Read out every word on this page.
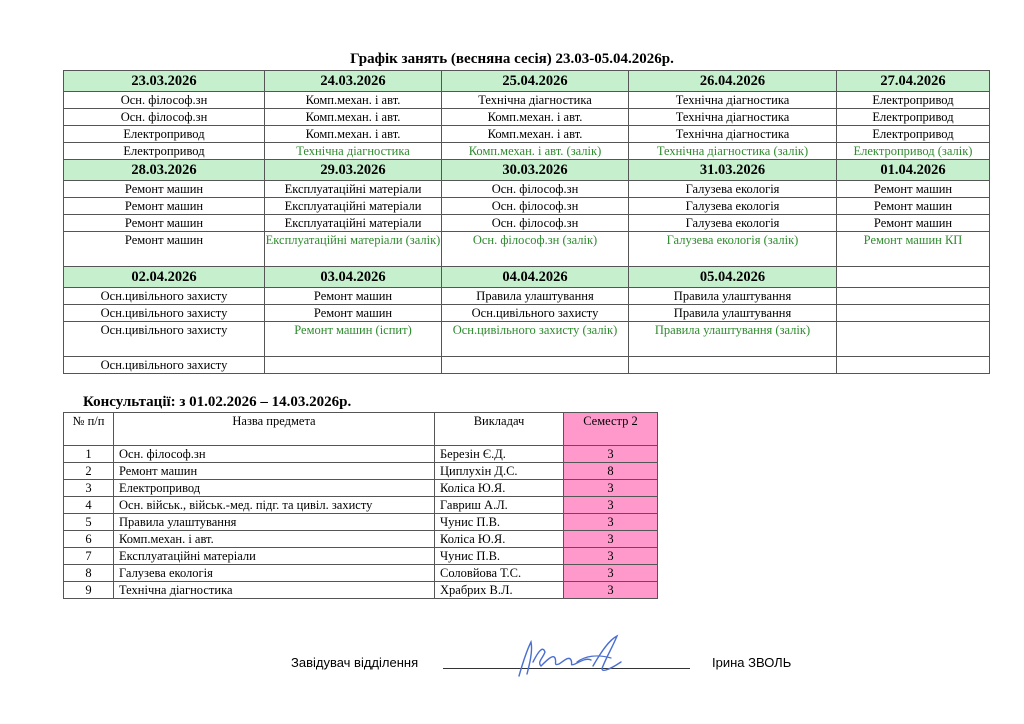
Графік занять (весняна сесія) 23.03-05.04.2026р.
23.03.2026	24.03.2026	25.04.2026	26.04.2026	27.04.2026
Осн. філософ.зн	Комп.механ. і авт.	Технічна діагностика	Технічна діагностика	Електропривод
Осн. філософ.зн	Комп.механ. і авт.	Комп.механ. і авт.	Технічна діагностика	Електропривод
Електропривод	Комп.механ. і авт.	Комп.механ. і авт.	Технічна діагностика	Електропривод
Електропривод	Технічна діагностика	Комп.механ. і авт. (залік)	Технічна діагностика (залік)	Електропривод (залік)
28.03.2026	29.03.2026	30.03.2026	31.03.2026	01.04.2026
Ремонт машин	Експлуатаційні матеріали	Осн. філософ.зн	Галузева екологія	Ремонт машин
Ремонт машин	Експлуатаційні матеріали	Осн. філософ.зн	Галузева екологія	Ремонт машин
Ремонт машин	Експлуатаційні матеріали	Осн. філософ.зн	Галузева екологія	Ремонт машин
Ремонт машин	Експлуатаційні матеріали (залік)	Осн. філософ.зн (залік)	Галузева екологія (залік)	Ремонт машин КП
02.04.2026	03.04.2026	04.04.2026	05.04.2026	
Осн.цивільного захисту	Ремонт машин	Правила улаштування	Правила улаштування	
Осн.цивільного захисту	Ремонт машин	Осн.цивільного захисту	Правила улаштування	
Осн.цивільного захисту	Ремонт машин (іспит)	Осн.цивільного захисту (залік)	Правила улаштування (залік)	
Осн.цивільного захисту				
Консультації: з 01.02.2026 – 14.03.2026р.
№ п/п	Назва предмета	Викладач	Семестр 2
1	Осн. філософ.зн	Березін Є.Д.	3
2	Ремонт машин	Циплухін Д.С.	8
3	Електропривод	Коліса Ю.Я.	3
4	Осн. військ., військ.-мед. підг. та цивіл. захисту	Гавриш А.Л.	3
5	Правила улаштування	Чунис П.В.	3
6	Комп.механ. і авт.	Коліса Ю.Я.	3
7	Експлуатаційні матеріали	Чунис П.В.	3
8	Галузева екологія	Соловйова Т.С.	3
9	Технічна діагностика	Храбрих В.Л.	3
Завідувач відділення	Ірина ЗВОЛЬ
